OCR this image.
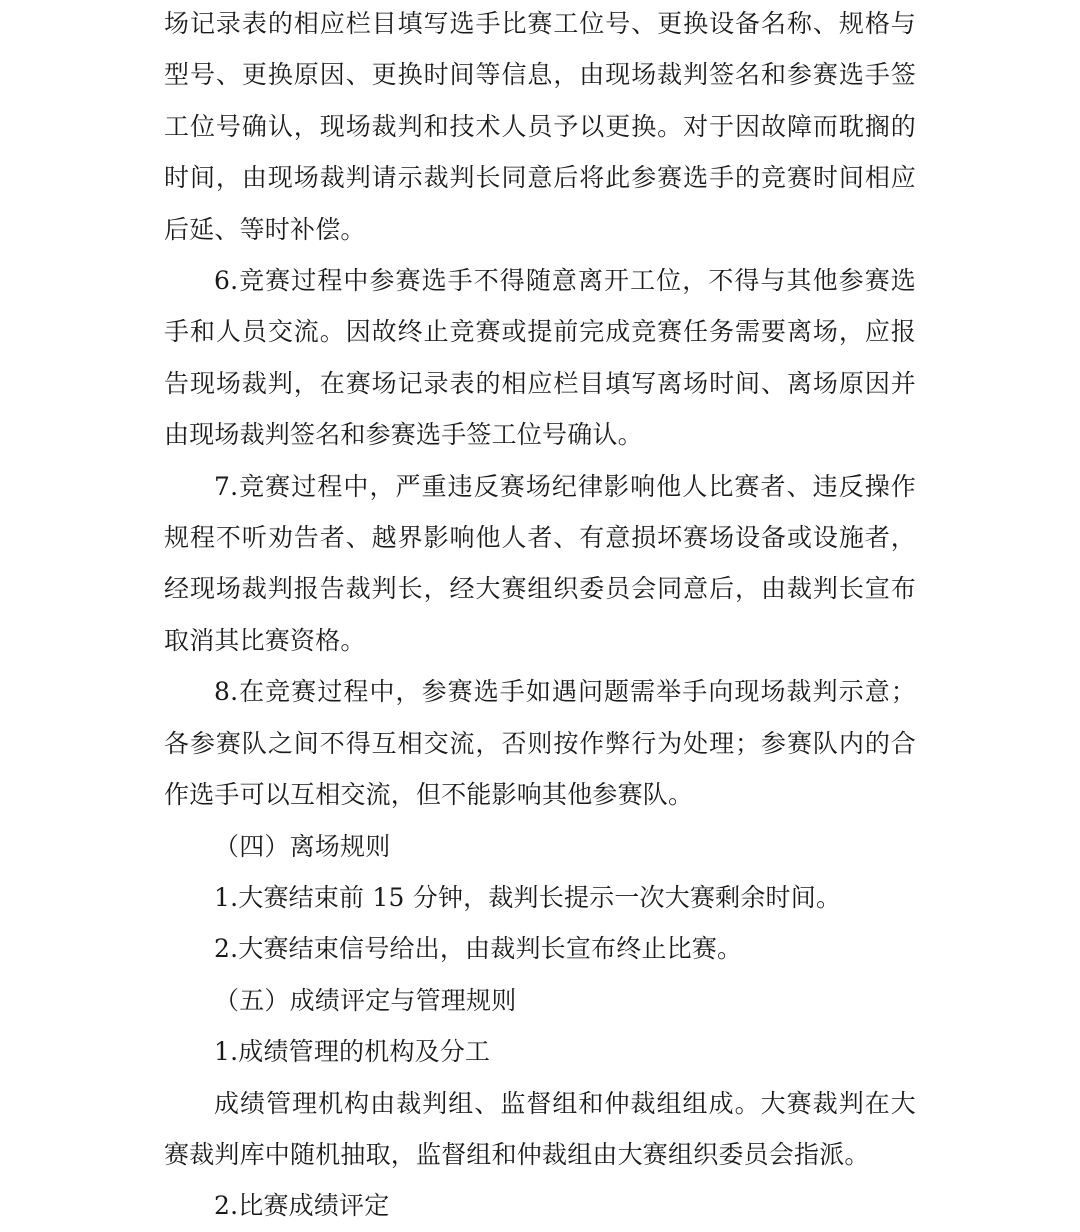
场记录表的相应栏目填写选手比赛工位号、更换设备名称、规格与型号、更换原因、更换时间等信息，由现场裁判签名和参赛选手签工位号确认，现场裁判和技术人员予以更换。对于因故障而耽搁的时间，由现场裁判请示裁判长同意后将此参赛选手的竞赛时间相应后延、等时补偿。

6.竞赛过程中参赛选手不得随意离开工位，不得与其他参赛选手和人员交流。因故终止竞赛或提前完成竞赛任务需要离场，应报告现场裁判，在赛场记录表的相应栏目填写离场时间、离场原因并由现场裁判签名和参赛选手签工位号确认。

7.竞赛过程中，严重违反赛场纪律影响他人比赛者、违反操作规程不听劝告者、越界影响他人者、有意损坏赛场设备或设施者，经现场裁判报告裁判长，经大赛组织委员会同意后，由裁判长宣布取消其比赛资格。

8.在竞赛过程中，参赛选手如遇问题需举手向现场裁判示意；各参赛队之间不得互相交流，否则按作弊行为处理；参赛队内的合作选手可以互相交流，但不能影响其他参赛队。

（四）离场规则

1.大赛结束前 15 分钟，裁判长提示一次大赛剩余时间。

2.大赛结束信号给出，由裁判长宣布终止比赛。

（五）成绩评定与管理规则

1.成绩管理的机构及分工

成绩管理机构由裁判组、监督组和仲裁组组成。大赛裁判在大赛裁判库中随机抽取，监督组和仲裁组由大赛组织委员会指派。

2.比赛成绩评定
